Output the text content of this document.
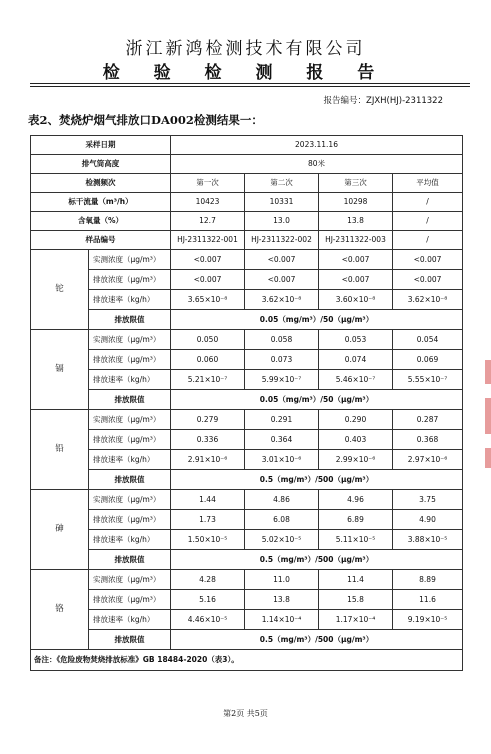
浙江新鸿检测技术有限公司
检 验 检 测 报 告
报告编号：ZJXH(HJ)-2311322
表2、焚烧炉烟气排放口DA002检测结果一：
采样日期		2023.11.16			
排气筒高度		80米			
检测频次		第一次	第二次	第三次	平均值
标干流量（m³/h）		10423	10331	10298	/
含氧量（%）		12.7	13.0	13.8	/
样品编号		HJ-2311322-001	HJ-2311322-002	HJ-2311322-003	/
铊	实测浓度（μg/m³）	<0.007	<0.007	<0.007	<0.007
	排放浓度（μg/m³）	<0.007	<0.007	<0.007	<0.007
	排放速率（kg/h）	3.65×10⁻⁸	3.62×10⁻⁸	3.60×10⁻⁸	3.62×10⁻⁸
	排放限值	0.05（mg/m³）/50（μg/m³）			
镉	实测浓度（μg/m³）	0.050	0.058	0.053	0.054
	排放浓度（μg/m³）	0.060	0.073	0.074	0.069
	排放速率（kg/h）	5.21×10⁻⁷	5.99×10⁻⁷	5.46×10⁻⁷	5.55×10⁻⁷
	排放限值	0.05（mg/m³）/50（μg/m³）			
铅	实测浓度（μg/m³）	0.279	0.291	0.290	0.287
	排放浓度（μg/m³）	0.336	0.364	0.403	0.368
	排放速率（kg/h）	2.91×10⁻⁶	3.01×10⁻⁶	2.99×10⁻⁶	2.97×10⁻⁶
	排放限值	0.5（mg/m³）/500（μg/m³）			
砷	实测浓度（μg/m³）	1.44	4.86	4.96	3.75
	排放浓度（μg/m³）	1.73	6.08	6.89	4.90
	排放速率（kg/h）	1.50×10⁻⁵	5.02×10⁻⁵	5.11×10⁻⁵	3.88×10⁻⁵
	排放限值	0.5（mg/m³）/500（μg/m³）			
铬	实测浓度（μg/m³）	4.28	11.0	11.4	8.89
	排放浓度（μg/m³）	5.16	13.8	15.8	11.6
	排放速率（kg/h）	4.46×10⁻⁵	1.14×10⁻⁴	1.17×10⁻⁴	9.19×10⁻⁵
	排放限值	0.5（mg/m³）/500（μg/m³）			
备注：《危险废物焚烧排放标准》GB 18484-2020（表3）。					
第2页 共5页
